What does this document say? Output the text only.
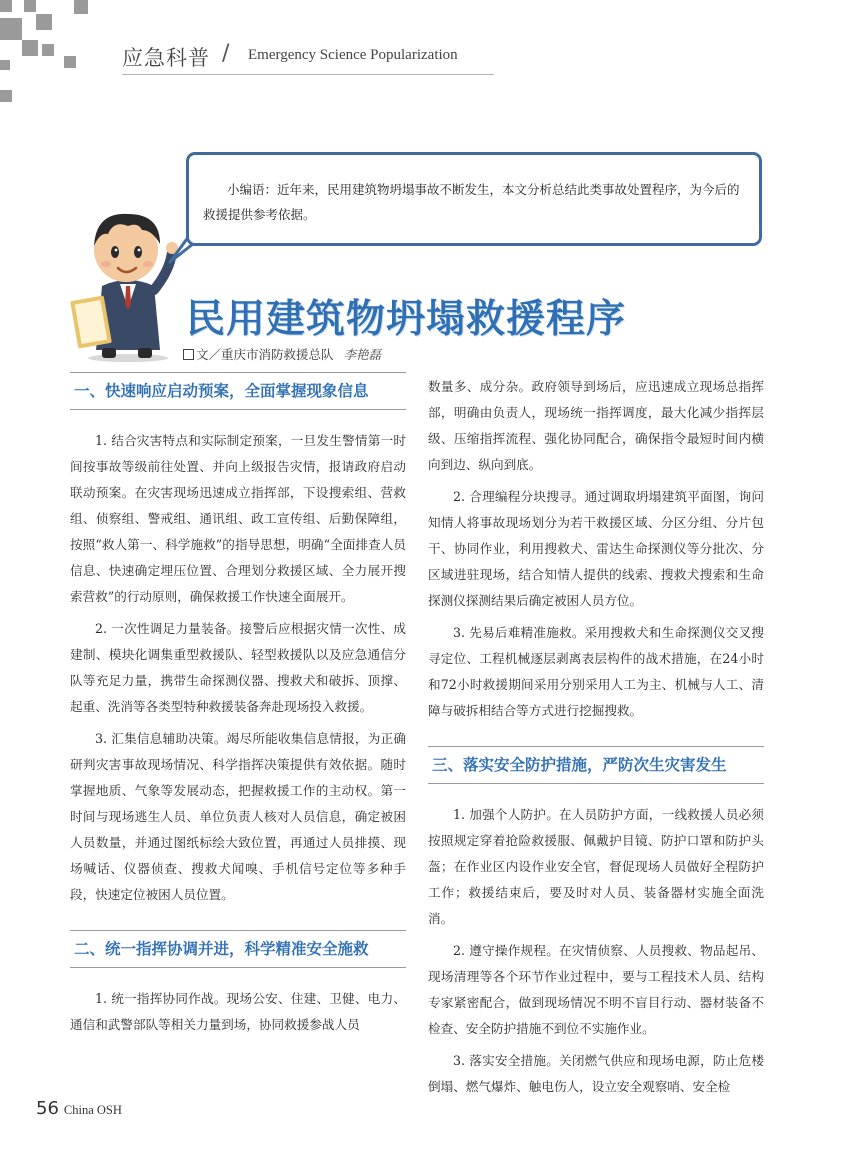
应急科普 / Emergency Science Popularization
小编语：近年来，民用建筑物坍塌事故不断发生，本文分析总结此类事故处置程序，为今后的救援提供参考依据。
民用建筑物坍塌救援程序
文／重庆市消防救援总队 李艳磊
一、快速响应启动预案，全面掌握现象信息

1. 结合灾害特点和实际制定预案，一旦发生警情第一时间按事故等级前往处置、并向上级报告灾情，报请政府启动联动预案。在灾害现场迅速成立指挥部，下设搜索组、营救组、侦察组、警戒组、通讯组、政工宣传组、后勤保障组，按照“救人第一、科学施救”的指导思想，明确“全面排查人员信息、快速确定埋压位置、合理划分救援区域、全力展开搜索营救”的行动原则，确保救援工作快速全面展开。

2. 一次性调足力量装备。接警后应根据灾情一次性、成建制、模块化调集重型救援队、轻型救援队以及应急通信分队等充足力量，携带生命探测仪器、搜救犬和破拆、顶撑、起重、洗消等各类型特种救援装备奔赴现场投入救援。

3. 汇集信息辅助决策。竭尽所能收集信息情报，为正确研判灾害事故现场情况、科学指挥决策提供有效依据。随时掌握地质、气象等发展动态，把握救援工作的主动权。第一时间与现场逃生人员、单位负责人核对人员信息，确定被困人员数量，并通过图纸标绘大致位置，再通过人员排摸、现场喊话、仪器侦查、搜救犬闻嗅、手机信号定位等多种手段，快速定位被困人员位置。

二、统一指挥协调并进，科学精准安全施救

1. 统一指挥协同作战。现场公安、住建、卫健、电力、通信和武警部队等相关力量到场，协同救援参战人员

数量多、成分杂。政府领导到场后，应迅速成立现场总指挥部，明确由负责人，现场统一指挥调度，最大化减少指挥层级、压缩指挥流程、强化协同配合，确保指令最短时间内横向到边、纵向到底。

2. 合理编程分块搜寻。通过调取坍塌建筑平面图，询问知情人将事故现场划分为若干救援区域、分区分组、分片包干、协同作业，利用搜救犬、雷达生命探测仪等分批次、分区域进驻现场，结合知情人提供的线索、搜救犬搜索和生命探测仪探测结果后确定被困人员方位。

3. 先易后难精准施救。采用搜救犬和生命探测仪交叉搜寻定位、工程机械逐层剥离表层构件的战术措施，在24小时和72小时救援期间采用分别采用人工为主、机械与人工、清障与破拆相结合等方式进行挖掘搜救。

三、落实安全防护措施，严防次生灾害发生

1. 加强个人防护。在人员防护方面，一线救援人员必须按照规定穿着抢险救援服、佩戴护目镜、防护口罩和防护头盔；在作业区内设作业安全官，督促现场人员做好全程防护工作；救援结束后，要及时对人员、装备器材实施全面洗消。

2. 遵守操作规程。在灾情侦察、人员搜救、物品起吊、现场清理等各个环节作业过程中，要与工程技术人员、结构专家紧密配合，做到现场情况不明不盲目行动、器材装备不检查、安全防护措施不到位不实施作业。

3. 落实安全措施。关闭燃气供应和现场电源，防止危楼倒塌、燃气爆炸、触电伤人，设立安全观察哨、安全检

56 China OSH
